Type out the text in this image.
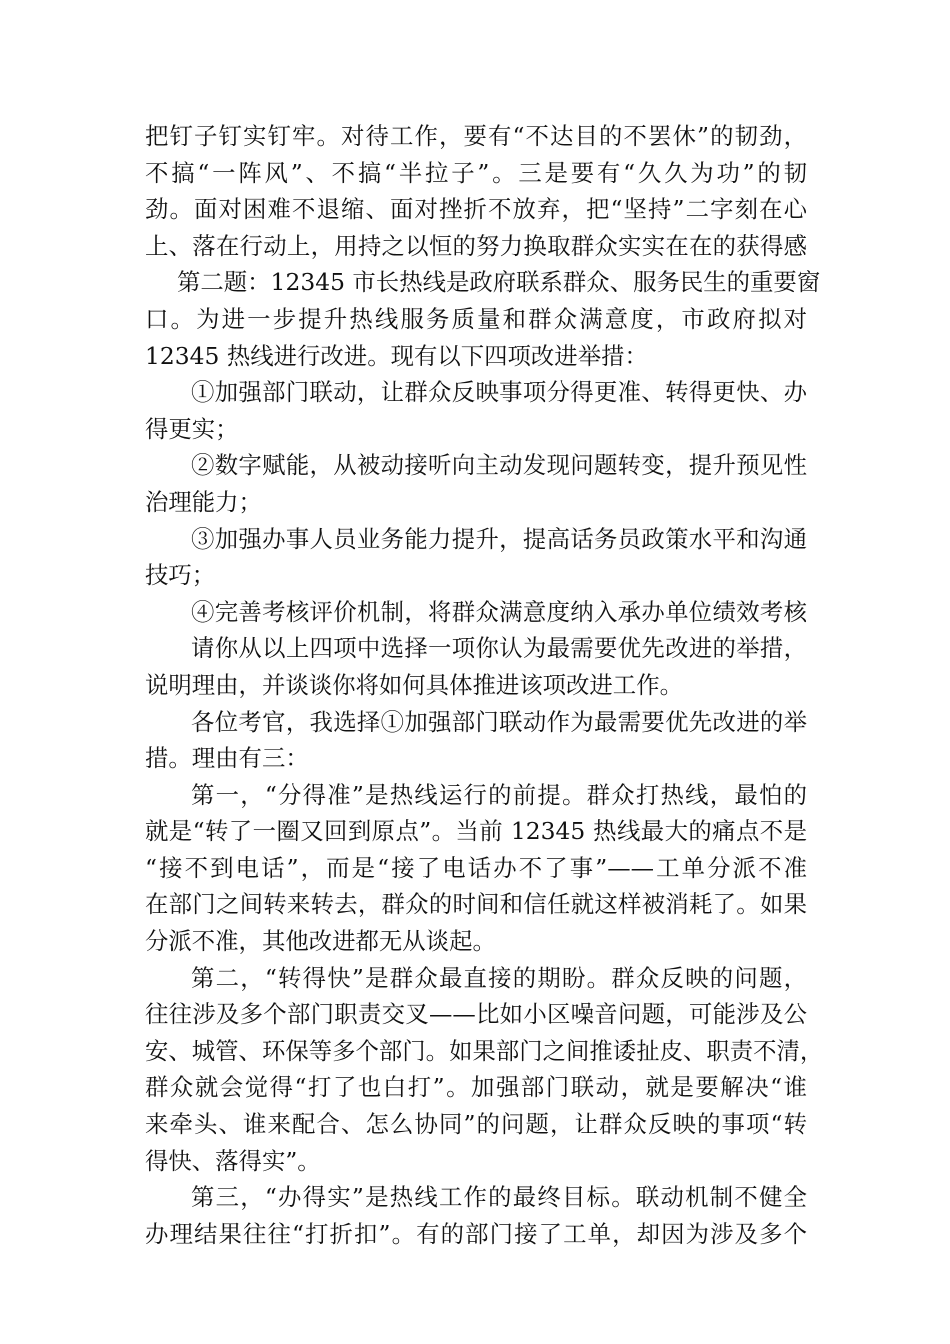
把钉子钉实钉牢。对待工作，要有“不达目的不罢休”的韧劲，
不搞“一阵风”、不搞“半拉子”。三是要有“久久为功”的韧
劲。面对困难不退缩、面对挫折不放弃，把“坚持”二字刻在心
上、落在行动上，用持之以恒的努力换取群众实实在在的获得感
第二题：12345 市长热线是政府联系群众、服务民生的重要窗
口。为进一步提升热线服务质量和群众满意度，市政府拟对
12345 热线进行改进。现有以下四项改进举措：
①加强部门联动，让群众反映事项分得更准、转得更快、办
得更实；
②数字赋能，从被动接听向主动发现问题转变，提升预见性
治理能力；
③加强办事人员业务能力提升，提高话务员政策水平和沟通
技巧；
④完善考核评价机制，将群众满意度纳入承办单位绩效考核
请你从以上四项中选择一项你认为最需要优先改进的举措，
说明理由，并谈谈你将如何具体推进该项改进工作。
各位考官，我选择①加强部门联动作为最需要优先改进的举
措。理由有三：
第一，“分得准”是热线运行的前提。群众打热线，最怕的
就是“转了一圈又回到原点”。当前 12345 热线最大的痛点不是
“接不到电话”，而是“接了电话办不了事”——工单分派不准
在部门之间转来转去，群众的时间和信任就这样被消耗了。如果
分派不准，其他改进都无从谈起。
第二，“转得快”是群众最直接的期盼。群众反映的问题，
往往涉及多个部门职责交叉——比如小区噪音问题，可能涉及公
安、城管、环保等多个部门。如果部门之间推诿扯皮、职责不清，
群众就会觉得“打了也白打”。加强部门联动，就是要解决“谁
来牵头、谁来配合、怎么协同”的问题，让群众反映的事项“转
得快、落得实”。
第三，“办得实”是热线工作的最终目标。联动机制不健全
办理结果往往“打折扣”。有的部门接了工单，却因为涉及多个
